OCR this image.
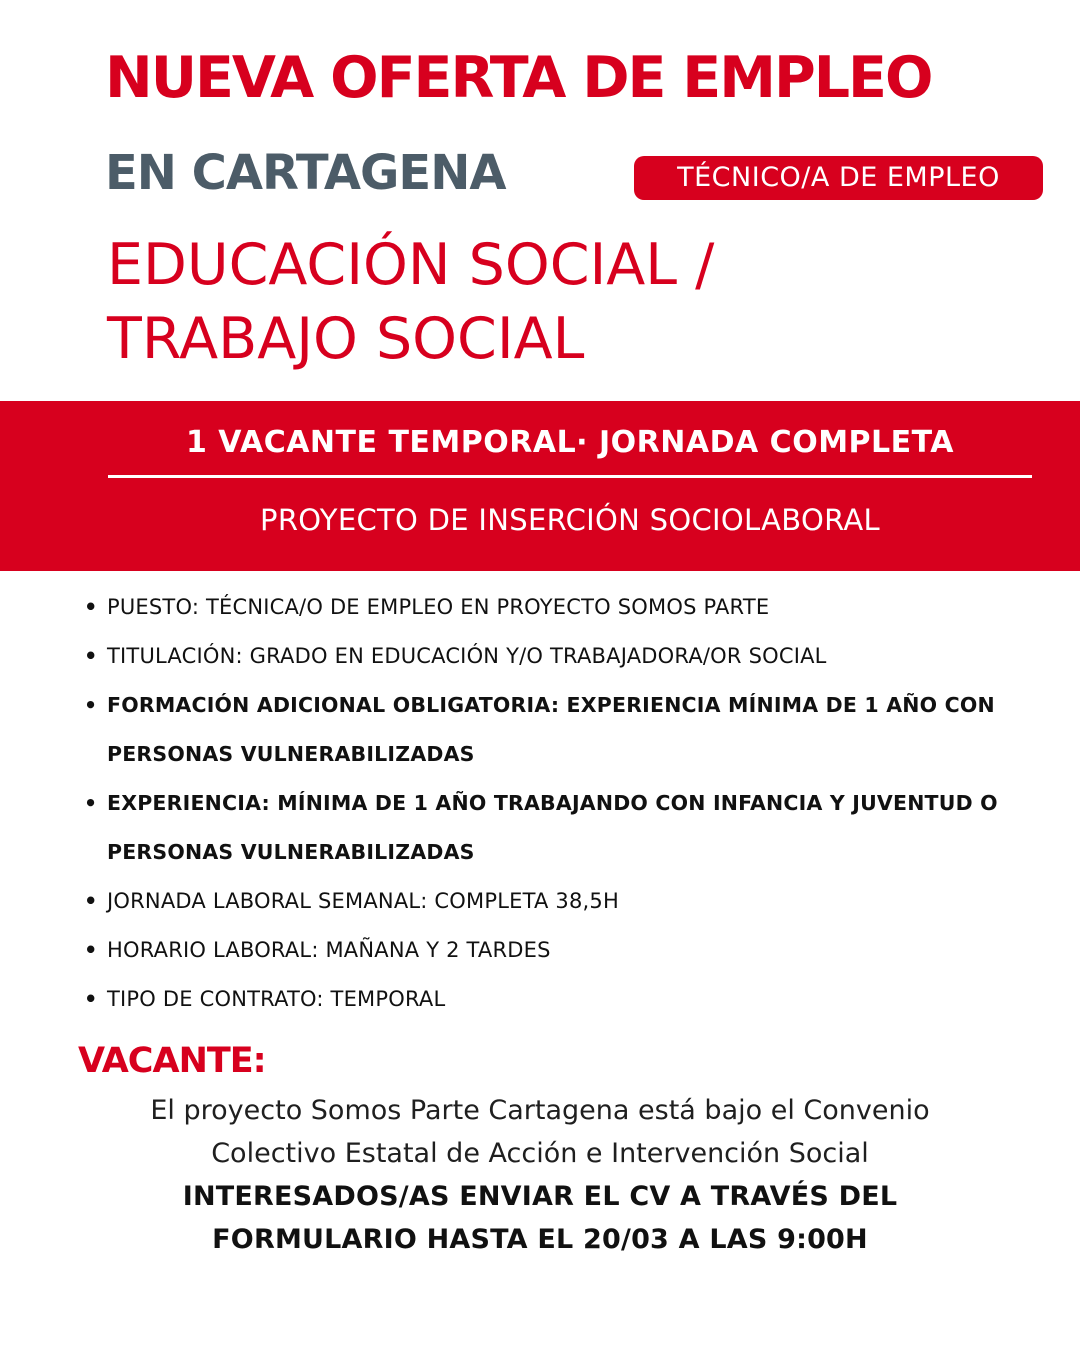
NUEVA OFERTA DE EMPLEO
EN CARTAGENA	TÉCNICO/A DE EMPLEO
EDUCACIÓN SOCIAL /
TRABAJO SOCIAL
1 VACANTE TEMPORAL· JORNADA COMPLETA
PROYECTO DE INSERCIÓN SOCIOLABORAL
• PUESTO: TÉCNICA/O DE EMPLEO EN PROYECTO SOMOS PARTE
• TITULACIÓN: GRADO EN EDUCACIÓN Y/O TRABAJADORA/OR SOCIAL
• FORMACIÓN ADICIONAL OBLIGATORIA: EXPERIENCIA MÍNIMA DE 1 AÑO CON PERSONAS VULNERABILIZADAS
• EXPERIENCIA: MÍNIMA DE 1 AÑO TRABAJANDO CON INFANCIA Y JUVENTUD O PERSONAS VULNERABILIZADAS
• JORNADA LABORAL SEMANAL: COMPLETA 38,5H
• HORARIO LABORAL: MAÑANA Y 2 TARDES
• TIPO DE CONTRATO: TEMPORAL
VACANTE:
El proyecto Somos Parte Cartagena está bajo el Convenio
Colectivo Estatal de Acción e Intervención Social
INTERESADOS/AS ENVIAR EL CV A TRAVÉS DEL
FORMULARIO HASTA EL 20/03 A LAS 9:00H
